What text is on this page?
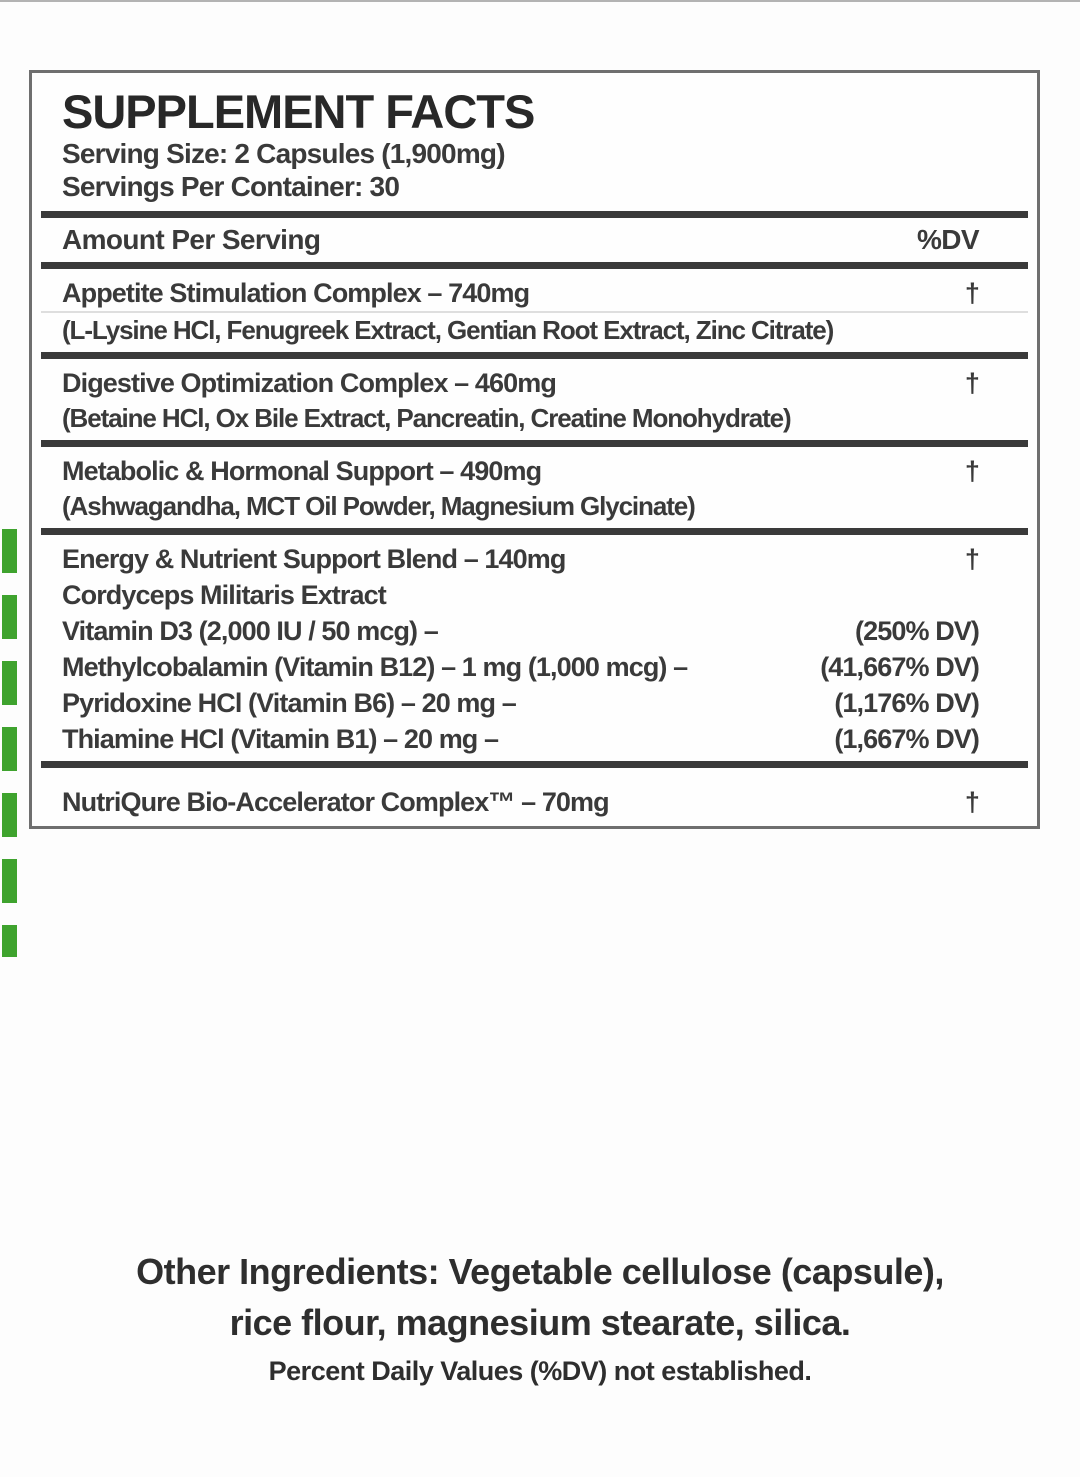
SUPPLEMENT FACTS
Serving Size: 2 Capsules (1,900mg)
Servings Per Container: 30
Amount Per Serving	%DV
Appetite Stimulation Complex – 740mg	†
(L-Lysine HCl, Fenugreek Extract, Gentian Root Extract, Zinc Citrate)
Digestive Optimization Complex – 460mg	†
(Betaine HCl, Ox Bile Extract, Pancreatin, Creatine Monohydrate)
Metabolic & Hormonal Support – 490mg	†
(Ashwagandha, MCT Oil Powder, Magnesium Glycinate)
Energy & Nutrient Support Blend – 140mg	†
Cordyceps Militaris Extract
Vitamin D3 (2,000 IU / 50 mcg) –	(250% DV)
Methylcobalamin (Vitamin B12) – 1 mg (1,000 mcg) –	(41,667% DV)
Pyridoxine HCl (Vitamin B6) – 20 mg –	(1,176% DV)
Thiamine HCl (Vitamin B1) – 20 mg –	(1,667% DV)
NutriQure Bio-Accelerator Complex™ – 70mg	†
Other Ingredients: Vegetable cellulose (capsule),
rice flour, magnesium stearate, silica.
Percent Daily Values (%DV) not established.
